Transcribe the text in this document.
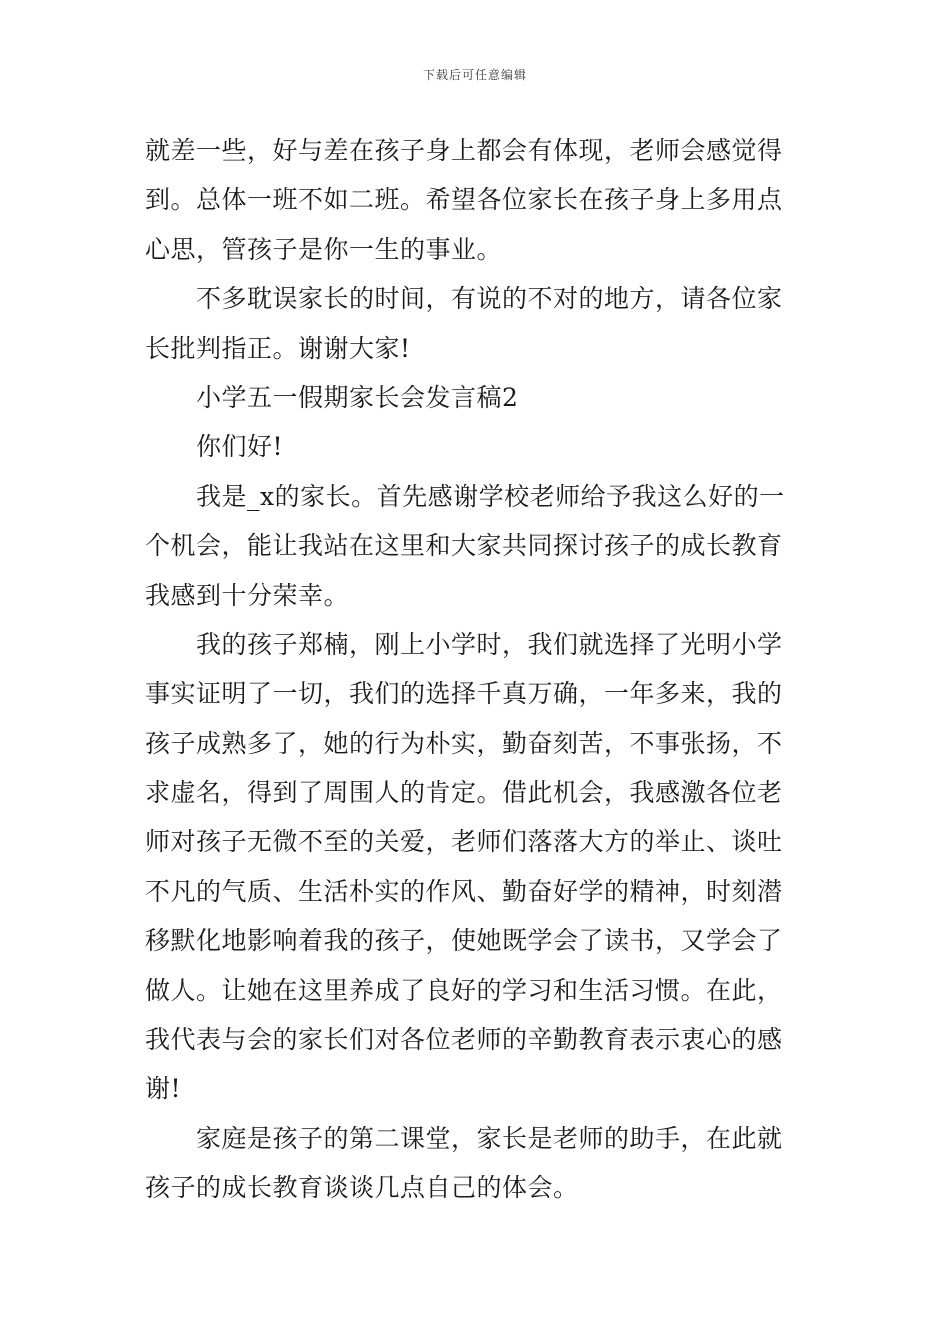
下载后可任意编辑
就差一些，好与差在孩子身上都会有体现，老师会感觉得
到。总体一班不如二班。希望各位家长在孩子身上多用点
心思，管孩子是你一生的事业。
不多耽误家长的时间，有说的不对的地方，请各位家
长批判指正。谢谢大家!
小学五一假期家长会发言稿2
你们好!
我是_x的家长。首先感谢学校老师给予我这么好的一
个机会，能让我站在这里和大家共同探讨孩子的成长教育
我感到十分荣幸。
我的孩子郑楠，刚上小学时，我们就选择了光明小学
事实证明了一切，我们的选择千真万确，一年多来，我的
孩子成熟多了，她的行为朴实，勤奋刻苦，不事张扬，不
求虚名，得到了周围人的肯定。借此机会，我感激各位老
师对孩子无微不至的关爱，老师们落落大方的举止、谈吐
不凡的气质、生活朴实的作风、勤奋好学的精神，时刻潜
移默化地影响着我的孩子，使她既学会了读书，又学会了
做人。让她在这里养成了良好的学习和生活习惯。在此，
我代表与会的家长们对各位老师的辛勤教育表示衷心的感
谢!
家庭是孩子的第二课堂，家长是老师的助手，在此就
孩子的成长教育谈谈几点自己的体会。
